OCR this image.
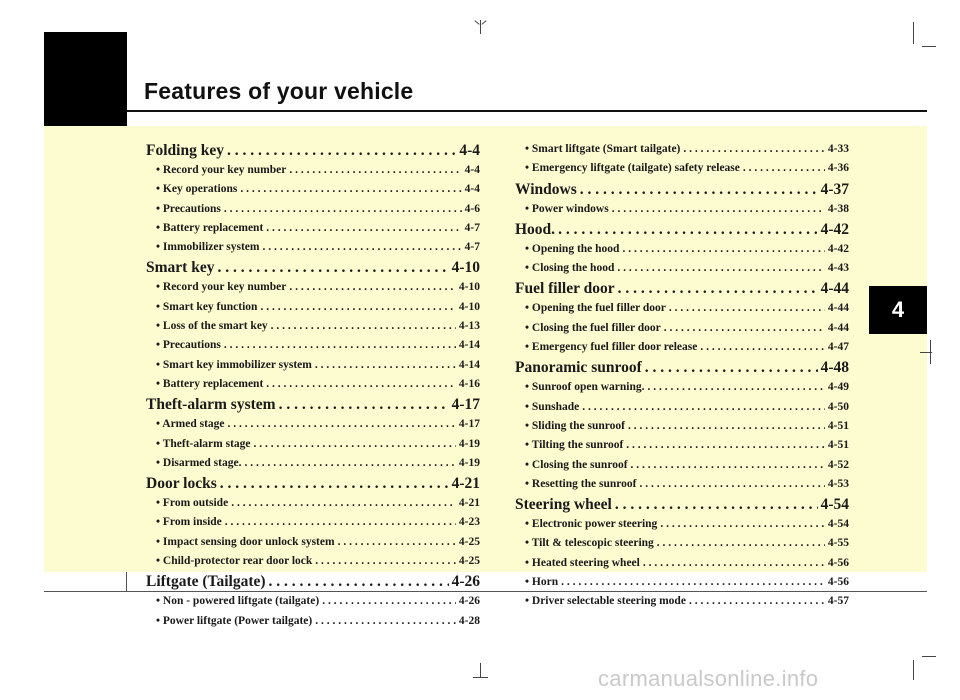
Features of your vehicle
4
Folding key . . .	4-4
• Record your key number . . .	4-4
• Key operations . . .	4-4
• Precautions . . .	4-6
• Battery replacement . . .	4-7
• Immobilizer system . . .	4-7
Smart key . . .	4-10
• Record your key number . . .	4-10
• Smart key function . . .	4-10
• Loss of the smart key . . .	4-13
• Precautions . . .	4-14
• Smart key immobilizer system . . .	4-14
• Battery replacement . . .	4-16
Theft-alarm system . . .	4-17
• Armed stage . . .	4-17
• Theft-alarm stage . . .	4-19
• Disarmed stage. . . .	4-19
Door locks . . .	4-21
• From outside . . .	4-21
• From inside . . .	4-23
• Impact sensing door unlock system . . .	4-25
• Child-protector rear door lock . . .	4-25
Liftgate (Tailgate) . . .	4-26
• Non - powered liftgate (tailgate) . . .	4-26
• Power liftgate (Power tailgate) . . .	4-28
• Smart liftgate (Smart tailgate) . . .	4-33
• Emergency liftgate (tailgate) safety release . . .	4-36
Windows . . .	4-37
• Power windows . . .	4-38
Hood. . . .	4-42
• Opening the hood . . .	4-42
• Closing the hood . . .	4-43
Fuel filler door . . .	4-44
• Opening the fuel filler door . . .	4-44
• Closing the fuel filler door . . .	4-44
• Emergency fuel filler door release . . .	4-47
Panoramic sunroof . . .	4-48
• Sunroof open warning. . . .	4-49
• Sunshade . . .	4-50
• Sliding the sunroof . . .	4-51
• Tilting the sunroof . . .	4-51
• Closing the sunroof . . .	4-52
• Resetting the sunroof . . .	4-53
Steering wheel . . .	4-54
• Electronic power steering . . .	4-54
• Tilt & telescopic steering . . .	4-55
• Heated steering wheel . . .	4-56
• Horn . . .	4-56
• Driver selectable steering mode . . .	4-57
carmanualsonline.info
